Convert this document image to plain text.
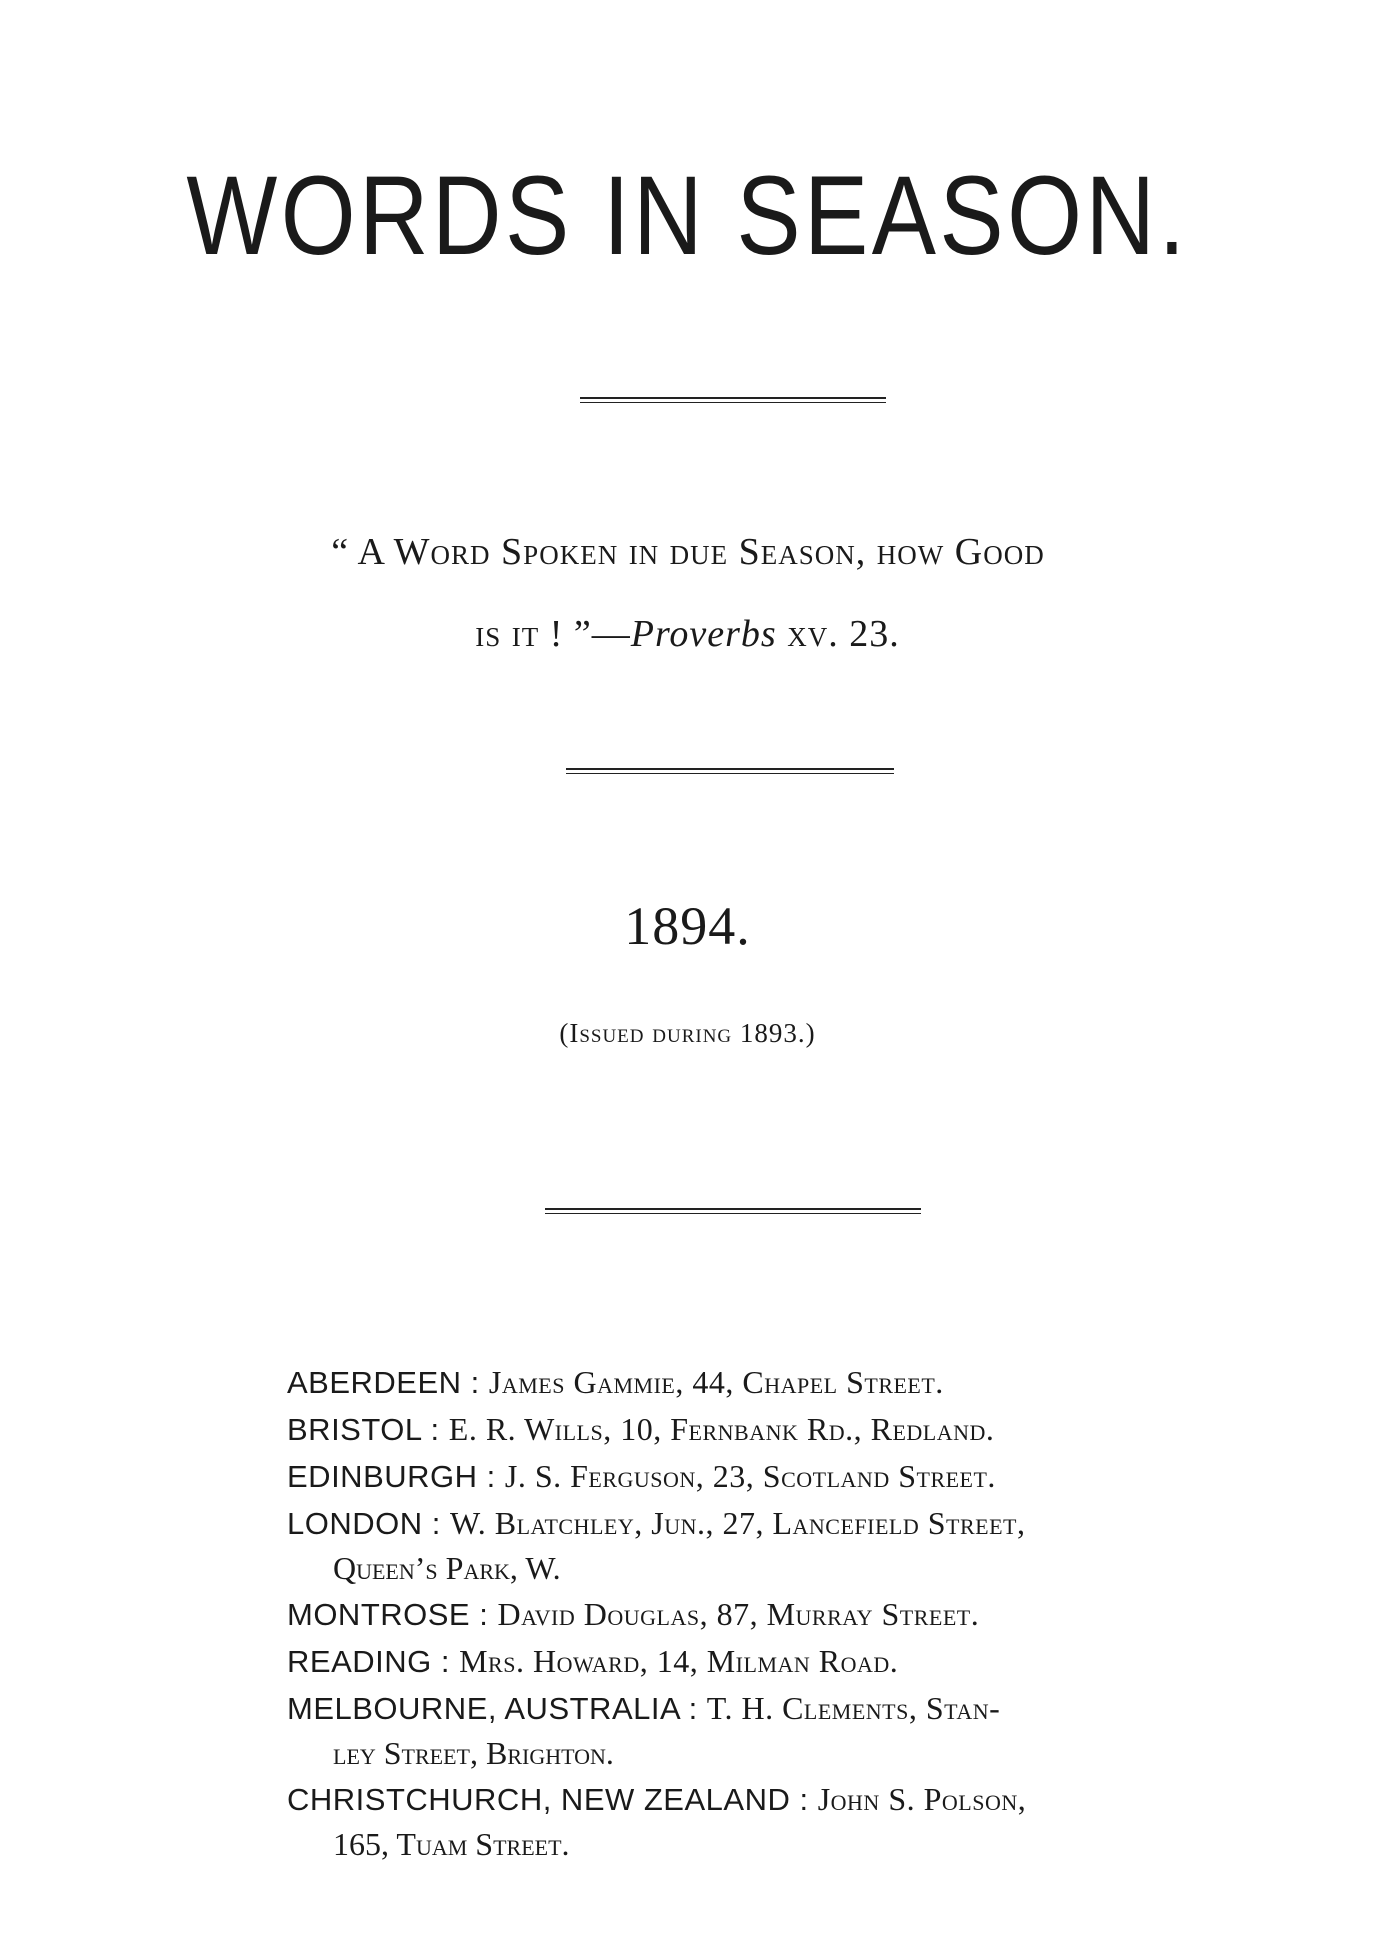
WORDS IN SEASON.
“ A Word Spoken in due Season, how Good
is it ! ”—Proverbs xv. 23.
1894.
(Issued during 1893.)
ABERDEEN : James Gammie, 44, Chapel Street.
BRISTOL : E. R. Wills, 10, Fernbank Rd., Redland.
EDINBURGH : J. S. Ferguson, 23, Scotland Street.
LONDON : W. Blatchley, Jun., 27, Lancefield Street,
Queen’s Park, W.
MONTROSE : David Douglas, 87, Murray Street.
READING : Mrs. Howard, 14, Milman Road.
MELBOURNE, AUSTRALIA : T. H. Clements, Stan-
ley Street, Brighton.
CHRISTCHURCH, NEW ZEALAND : John S. Polson,
165, Tuam Street.
